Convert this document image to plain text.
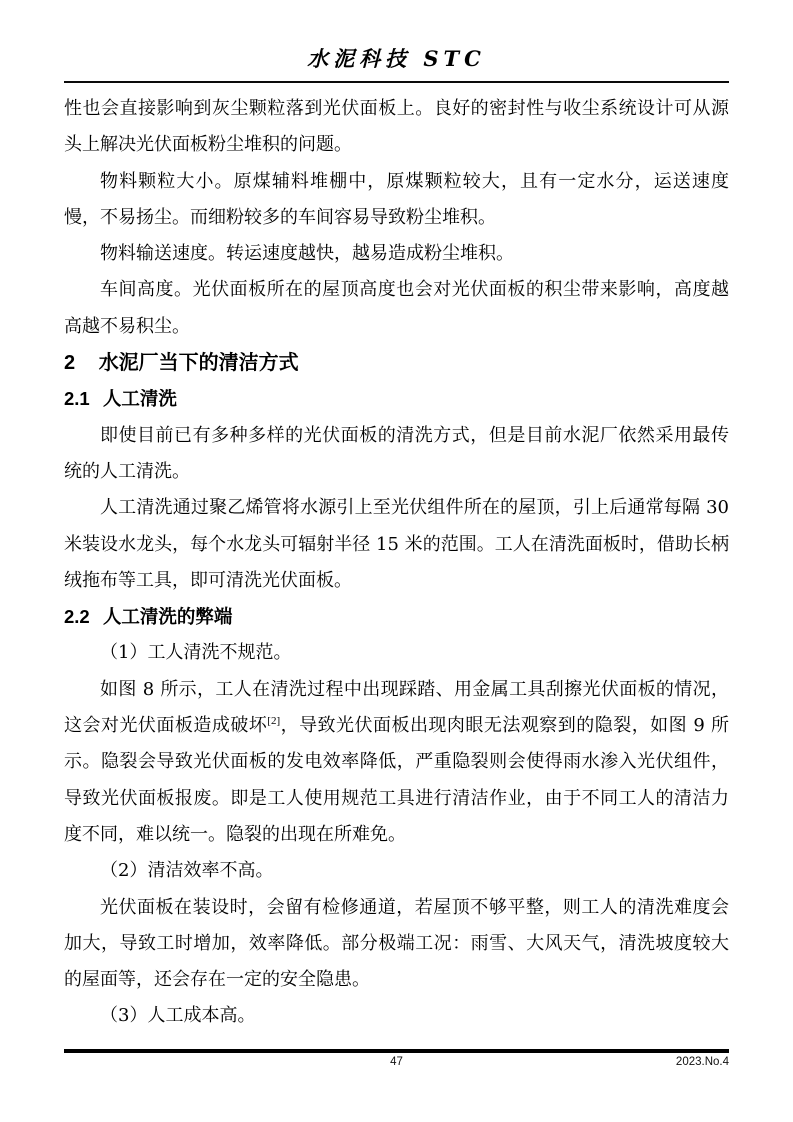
水泥科技 STC

性也会直接影响到灰尘颗粒落到光伏面板上。良好的密封性与收尘系统设计可从源头上解决光伏面板粉尘堆积的问题。

物料颗粒大小。原煤辅料堆棚中，原煤颗粒较大，且有一定水分，运送速度慢，不易扬尘。而细粉较多的车间容易导致粉尘堆积。

物料输送速度。转运速度越快，越易造成粉尘堆积。

车间高度。光伏面板所在的屋顶高度也会对光伏面板的积尘带来影响，高度越高越不易积尘。

2 水泥厂当下的清洁方式
2.1 人工清洗

即使目前已有多种多样的光伏面板的清洗方式，但是目前水泥厂依然采用最传统的人工清洗。

人工清洗通过聚乙烯管将水源引上至光伏组件所在的屋顶，引上后通常每隔 30 米装设水龙头，每个水龙头可辐射半径 15 米的范围。工人在清洗面板时，借助长柄绒拖布等工具，即可清洗光伏面板。

2.2 人工清洗的弊端

（1）工人清洗不规范。

如图 8 所示，工人在清洗过程中出现踩踏、用金属工具刮擦光伏面板的情况，这会对光伏面板造成破坏[2]，导致光伏面板出现肉眼无法观察到的隐裂，如图 9 所示。隐裂会导致光伏面板的发电效率降低，严重隐裂则会使得雨水渗入光伏组件，导致光伏面板报废。即是工人使用规范工具进行清洁作业，由于不同工人的清洁力度不同，难以统一。隐裂的出现在所难免。

（2）清洁效率不高。

光伏面板在装设时，会留有检修通道，若屋顶不够平整，则工人的清洗难度会加大，导致工时增加，效率降低。部分极端工况：雨雪、大风天气，清洗坡度较大的屋面等，还会存在一定的安全隐患。

（3）人工成本高。

47	2023.No.4
